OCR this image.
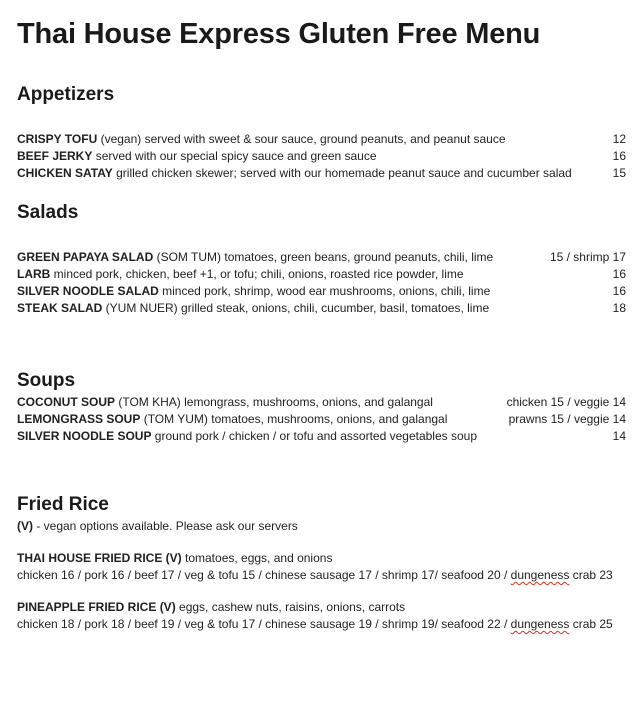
Thai House Express Gluten Free Menu
Appetizers
CRISPY TOFU (vegan) served with sweet & sour sauce, ground peanuts, and peanut sauce	12
BEEF JERKY served with our special spicy sauce and green sauce	16
CHICKEN SATAY grilled chicken skewer; served with our homemade peanut sauce and cucumber salad	15
Salads
GREEN PAPAYA SALAD (SOM TUM) tomatoes, green beans, ground peanuts, chili, lime	15 / shrimp 17
LARB minced pork, chicken, beef +1, or tofu; chili, onions, roasted rice powder, lime	16
SILVER NOODLE SALAD minced pork, shrimp, wood ear mushrooms, onions, chili, lime	16
STEAK SALAD (YUM NUER) grilled steak, onions, chili, cucumber, basil, tomatoes, lime	18
Soups
COCONUT SOUP (TOM KHA) lemongrass, mushrooms, onions, and galangal	chicken 15 / veggie 14
LEMONGRASS SOUP (TOM YUM) tomatoes, mushrooms, onions, and galangal	prawns 15 / veggie 14
SILVER NOODLE SOUP ground pork / chicken / or tofu and assorted vegetables soup	14
Fried Rice
(V) - vegan options available. Please ask our servers
THAI HOUSE FRIED RICE (V) tomatoes, eggs, and onions
chicken 16 / pork 16 / beef 17 / veg & tofu 15 / chinese sausage 17 / shrimp 17/ seafood 20 / dungeness crab 23
PINEAPPLE FRIED RICE (V) eggs, cashew nuts, raisins, onions, carrots
chicken 18 / pork 18 / beef 19 / veg & tofu 17 / chinese sausage 19 / shrimp 19/ seafood 22 / dungeness crab 25
